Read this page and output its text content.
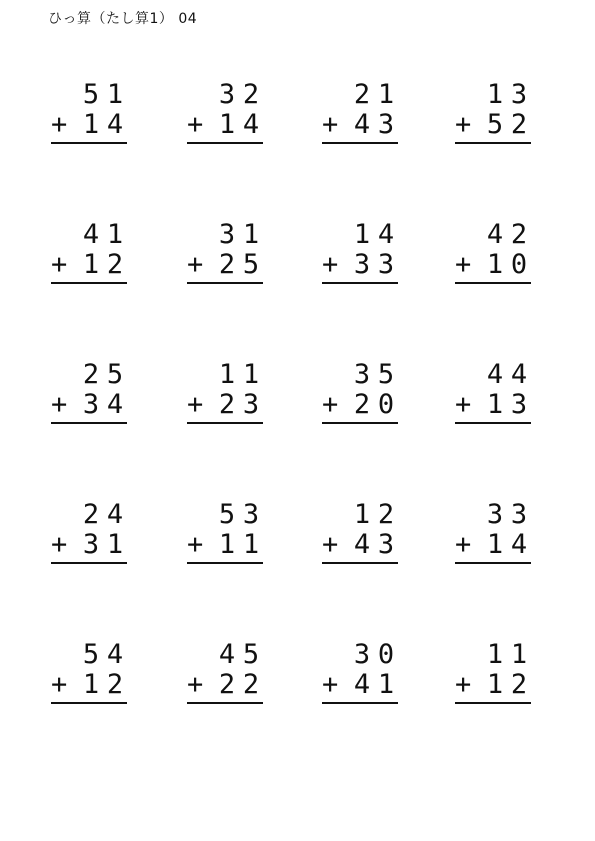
ひっ算（たし算1） 04
5 1
+ 1 4
3 2
+ 1 4
2 1
+ 4 3
1 3
+ 5 2
4 1
+ 1 2
3 1
+ 2 5
1 4
+ 3 3
4 2
+ 1 0
2 5
+ 3 4
1 1
+ 2 3
3 5
+ 2 0
4 4
+ 1 3
2 4
+ 3 1
5 3
+ 1 1
1 2
+ 4 3
3 3
+ 1 4
5 4
+ 1 2
4 5
+ 2 2
3 0
+ 4 1
1 1
+ 1 2
